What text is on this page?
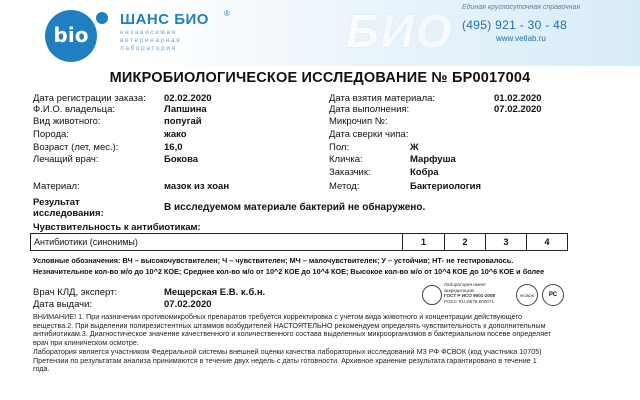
bio
ШАНС БИО ®
независимая ветеринарная лаборатория	БИО Единая круглосуточная справочная
(495) 921 - 30 - 48
www.vetlab.ru
МИКРОБИОЛОГИЧЕСКОЕ ИССЛЕДОВАНИЕ № БР0017004
Дата регистрации заказа: 02.02.2020
Ф.И.О. владельца:	Лапшина
Вид животного:	попугай
Порода:	жако
Возраст (лет, мес.):	16,0
Лечащий врач:	Бокова
Дата взятия материала:	01.02.2020
Дата выполнения:	07.02.2020
Микрочип №:
Дата сверки чипа:
Пол:	Ж
Кличка:	Марфуша
Заказчик:	Кобра
Метод:	Бактериология
Материал:	мазок из хоан
Результат
исследования:
В исследуемом материале бактерий не обнаружено.
Чувствительность к антибиотикам:
Антибиотики (синонимы)	1	2	3	4
Условные обозначения: ВЧ – высокочувствителен; Ч – чувствителен; МЧ – малочувствителен; У – устойчив; НТ- не тестировалось.
Незначительное кол-во м/о до 10^2 КОЕ; Среднее кол-во м/о от 10^2 КОЕ до 10^4 КОЕ; Высокое кол-во м/о от 10^4 КОЕ до 10^6 КОЕ и более
Врач КЛД, эксперт:	Мещерская Е.В. к.б.н.
Дата выдачи:	07.02.2020
Лаборатория имеет аккредитацию
ГОСТ Р ИСО 9001-2008
РОСС RU.И676.К00071
ФСВОК	РС
ВНИМАНИЕ! 1. При назначении противомикробных препаратов требуется корректировка с учетом вида животного и концентрации действующего
вещества.2. При выделении полирезистентных штаммов возбудителей НАСТОЯТЕЛЬНО рекомендуем определять чувствительность к дополнительным
антибиотикам.3. Диагностическое значение качественного и количественного состава выделенных микроорганизмов в бактериальном посеве определяет
врач при клиническом осмотре.
Лаборатория является участником Федеральной системы внешней оценки качества лабораторных исследований МЗ РФ ФСВОК (код участника 10705)
Претензии по результатам анализа принимаются в течение двух недель с даты готовности. Архивное хранение результата гарантировано в течение 1
года.
